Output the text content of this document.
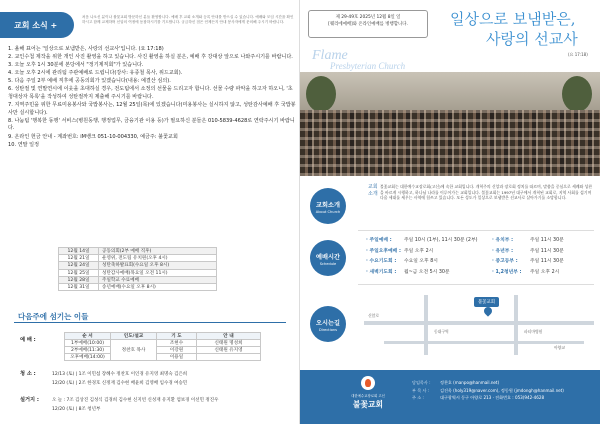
교회 소식 +
처음 나오신 분이나 불꽃교회 방문하신 분들 환영합니다. 예배 후 교회 소개와 등록 안내를 받으실 수 있습니다. 예배와 모임 시간을 확인하시고 함께 교제하며 신앙의 여정에 동참하시기를 기도합니다. 궁금하신 점은 언제든지 안내 봉사자에게 문의해 주시기 바랍니다.
1. 올해 표어는 '일상으로 보냄받은, 사랑의 선교사'입니다. (요 17:18)
2. 교인수첩 제작을 위한 개인 사진 촬영을 하고 있습니다. 사진 촬영을 하실 분은, 예배 후 강대상 앞으로 나와주시기를 바랍니다.
3. 오늘 오후 1시 30분에 본당에서 "정기제직회"가 있습니다.
4. 오늘 오후 2시에 관리팀 주관예배로 드립니다(강사: 유종철 목사, 위드교회).
5. 다음 주일 2부 예배 직후에 공동의회가 있겠습니다(내용: 예결산 심의).
6. 성탄절 및 연말연시에 이웃을 초대하실 경우, 전도팀에서 소정의 선물을 드리고자 합니다. 선물 수량 파악을 하고자 하오니, '초청대상자 목록'을 작성하여 성탄절까지 제출해 주시기를 바랍니다.
7. 지역주민을 위한 무료미용봉사와 국밥봉사는, 12월 25일(목)에 있겠습니다(미용봉사는 실시하지 않고, 성탄감사예배 후 국밥봉사만 실시합니다).
8. 나눔팀 '행복한 동행' 서비스(병원동행, 행정업무, 금융기관 이용 등)가 필요하신 분들은 010-5839-4628로 연락주시기 바랍니다.
9. 온라인 헌금 안내 - 계좌번호: iM뱅크 051-10-004330, 예금주: 불꽃교회
10. 연말 일정
12월 14일	공동의회(2부 예배 직후)
12월 21일	운영위, 전도팀 유치원(오후 4시)
12월 24일	성탄축하발표회(수요일 오후 8시)
12월 25일	성탄감사예배(목요일 오전 11시)
12월 28일	주일학교 수료예배
12월 31일	송년예배(수요일 오후 8시)
다음주에 섬기는 이들
예 배 :
순 서	인도/설교	기 도	안 내
1부예배(10:00)	정찬호 목사	조현수	신태원 명성희
2부예배(11:30)		이강원	신태원 유지영
오후예배(14:00)		이용일	
청 소 :	12/13 (토) | 1조 이민섭 장혜수 정찬호 이인경 유지영 최명숙 김은희
12/20 (토) | 2조 한경호 신정재 김수현 배윤희 김영배 임수경 여승민
설거지 :	오 늘 : 7조 김상진 김성식 김경희 김수현 신지빈 신성재 유지환 엄보경 이선민 정진우
12/20 (토) | 8조 청년부
제 29-49호 2025년 12월 8일 일
[퀘리에예배]와 온라인예배를 병행합니다.	일상으로 보냄받은,
사랑의 선교사
(요 17:18)
Flame
Presbyterian Church
교회소개
About Church
교회 소개
불꽃교회는 대한예수교장로회(고신)에 속한 교회입니다. 개혁주의 신앙과 장로회 정치를 따르며, 말씀을 중심으로 세례와 성찬을 바르게 시행하고, 하나님 나라를 이루어가는 교회입니다. 불꽃교회는 1997년 대구에서 개척된 교회로, 지역 사회를 섬기며 다음 세대를 세우는 사역에 힘쓰고 있습니다. 모든 성도가 일상으로 보냄받은 선교사로 살아가기를 소망합니다.
예배시간
Schedule
· 주일예배 :	주일 10시 (1부), 11시 30분 (2부)	· 유치부 :	주일 11시 30분
· 주일오후예배 : 주일 오후 2시	· 유년부 :	주일 11시 30분
· 수요기도회 : 수요일 오후 8시	· 중고등부 :	주일 11시 30분
· 새벽기도회 : 월~금 오전 5시 30분	· 1,2청년부 : 주일 오후 2시
오시는길
Directions
불꽃교회
신암로
동대구역	파티마병원
아양교
대한예수교장로회 고신
불꽃교회
담임목사 : 정찬호 (manpo@hanmail.net)
부 목 사 :	김진욱 (holy319@naver.com), 정동원 (jmdongh@hanmail.net)
주 소 :	대구광역시 동구 아양로 213 · 전화번호 : 053)942-4628
